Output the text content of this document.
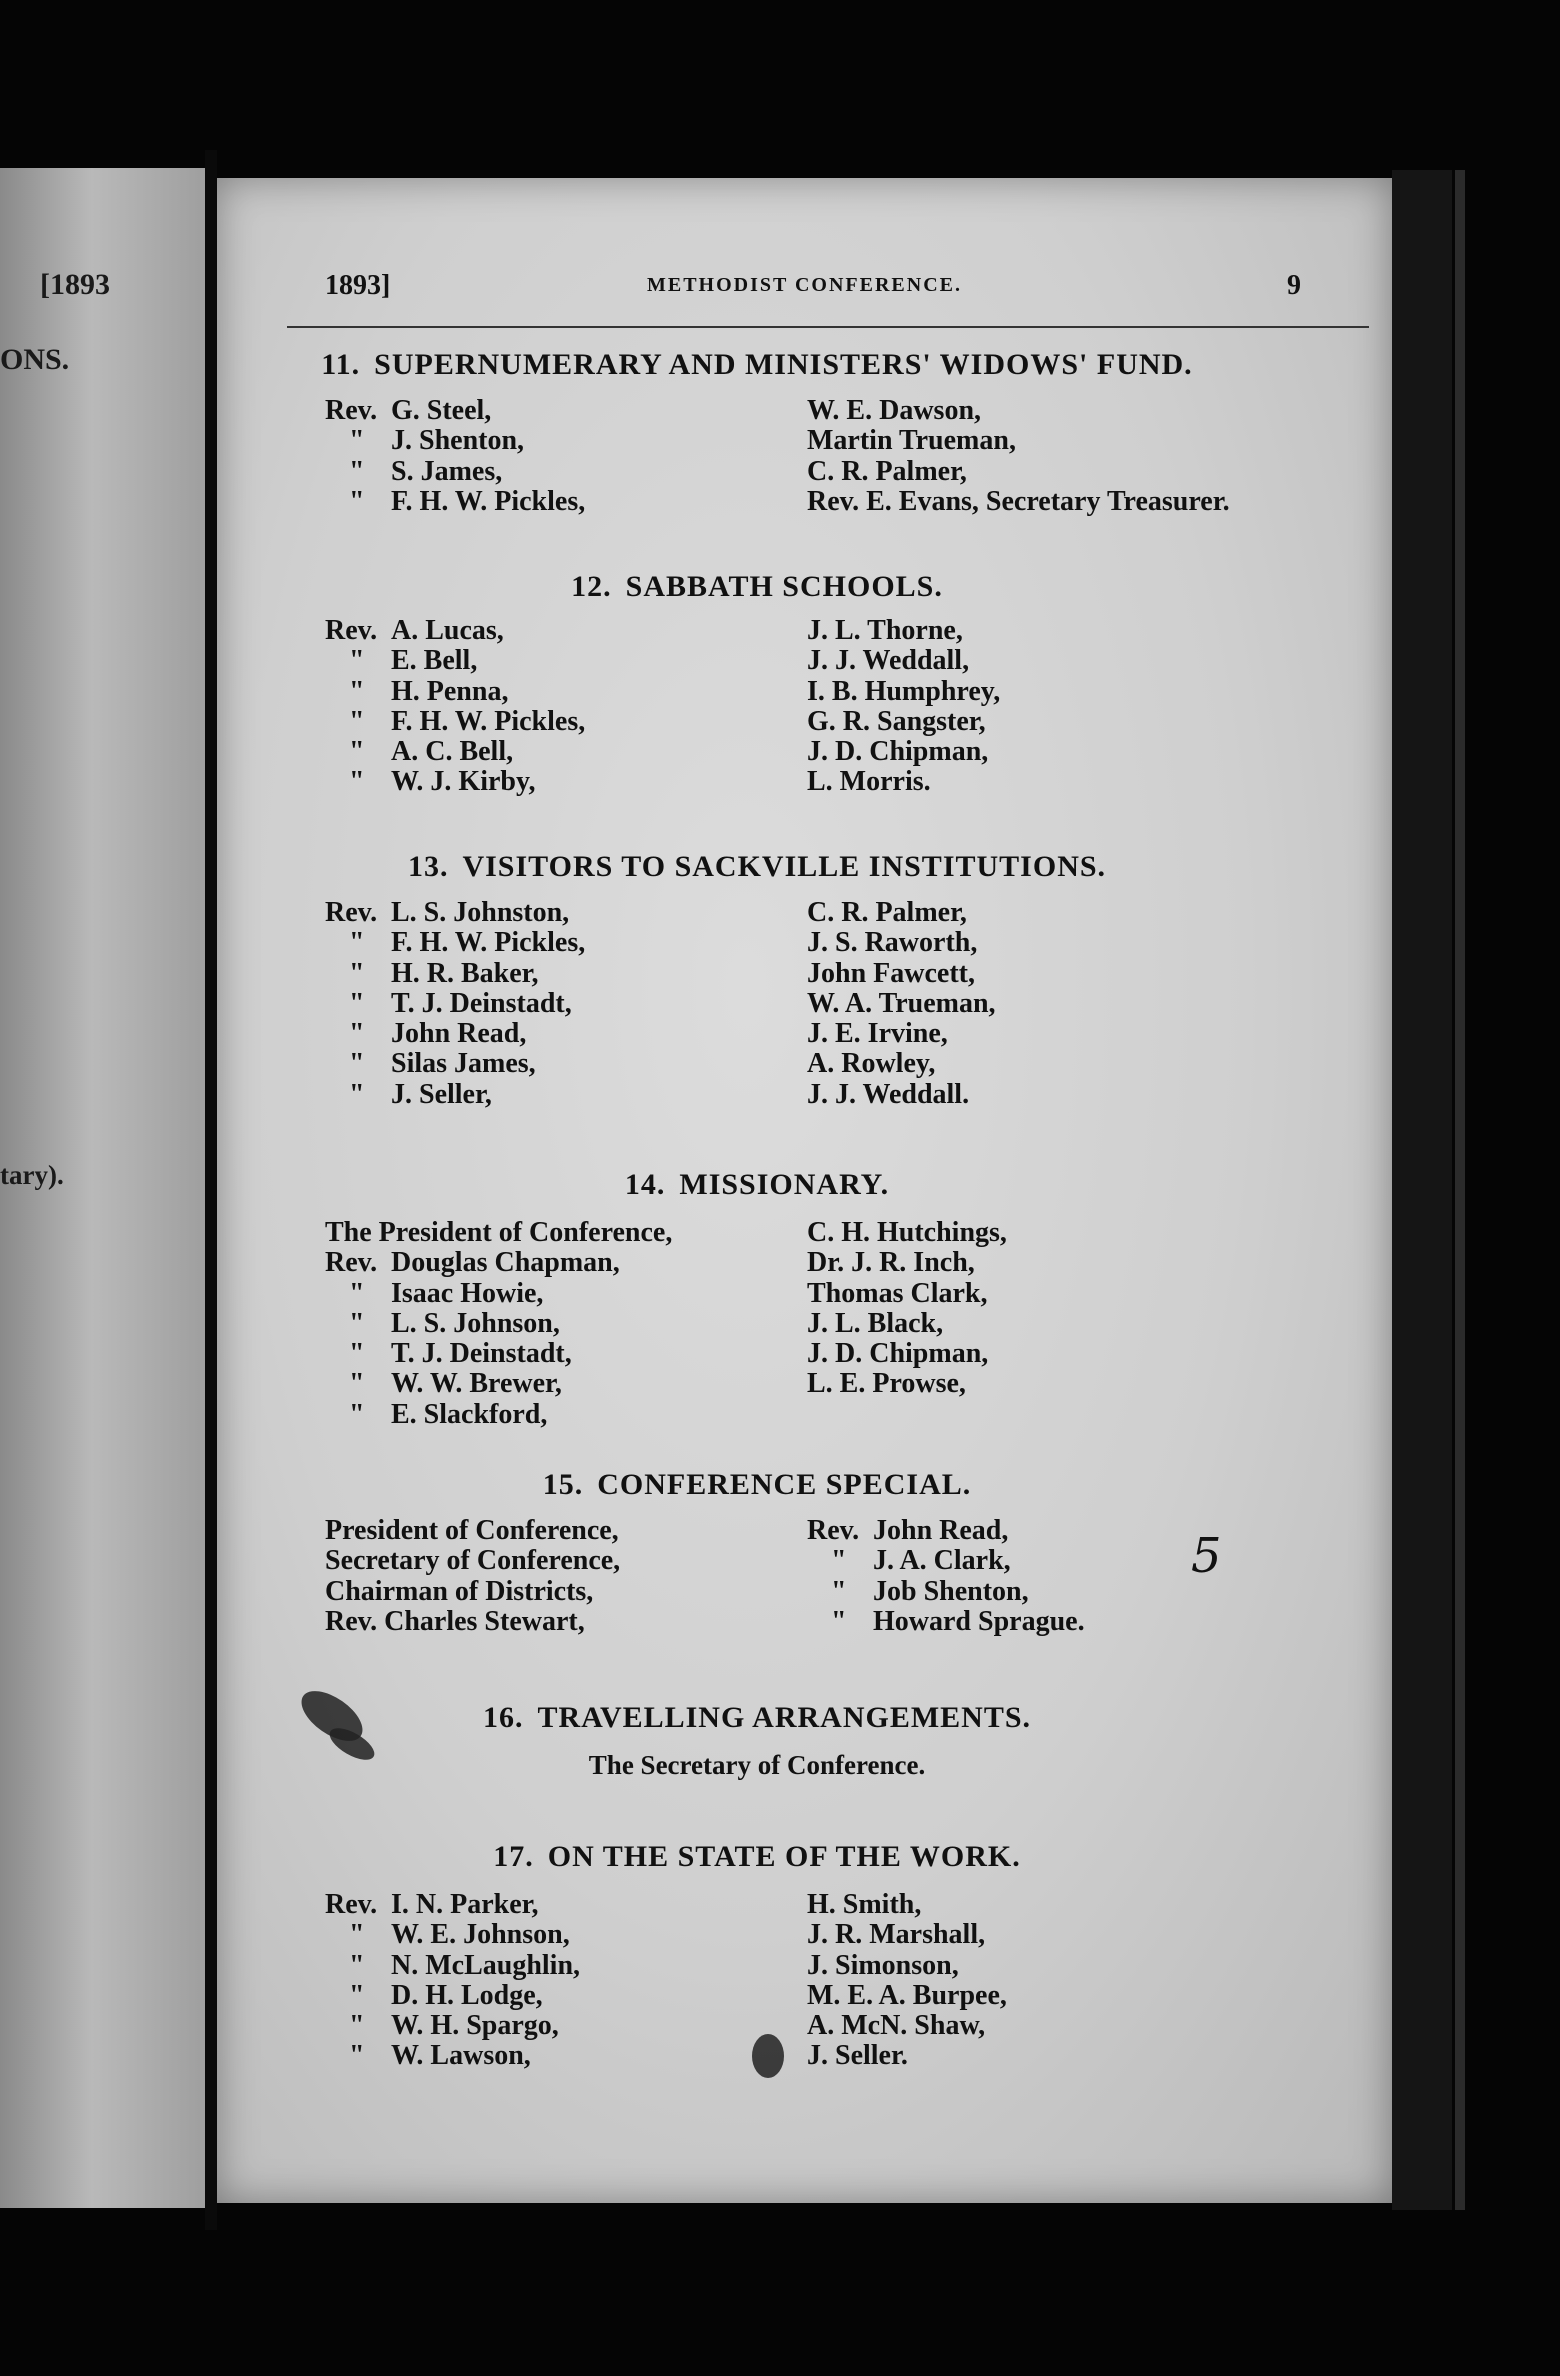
[1893
ONS.
tary).
1893]	METHODIST CONFERENCE.	9
11. SUPERNUMERARY AND MINISTERS' WIDOWS' FUND.
Rev. G. Steel,
" J. Shenton,
" S. James,
" F. H. W. Pickles,
W. E. Dawson,
Martin Trueman,
C. R. Palmer,
Rev. E. Evans, Secretary Treasurer.
12. SABBATH SCHOOLS.
Rev. A. Lucas,
" E. Bell,
" H. Penna,
" F. H. W. Pickles,
" A. C. Bell,
" W. J. Kirby,
J. L. Thorne,
J. J. Weddall,
I. B. Humphrey,
G. R. Sangster,
J. D. Chipman,
L. Morris.
13. VISITORS TO SACKVILLE INSTITUTIONS.
Rev. L. S. Johnston,
" F. H. W. Pickles,
" H. R. Baker,
" T. J. Deinstadt,
" John Read,
" Silas James,
" J. Seller,
C. R. Palmer,
J. S. Raworth,
John Fawcett,
W. A. Trueman,
J. E. Irvine,
A. Rowley,
J. J. Weddall.
14. MISSIONARY.
The President of Conference,
Rev. Douglas Chapman,
" Isaac Howie,
" L. S. Johnson,
" T. J. Deinstadt,
" W. W. Brewer,
" E. Slackford,
C. H. Hutchings,
Dr. J. R. Inch,
Thomas Clark,
J. L. Black,
J. D. Chipman,
L. E. Prowse,
15. CONFERENCE SPECIAL.
President of Conference,
Secretary of Conference,
Chairman of Districts,
Rev. Charles Stewart,
Rev. John Read,
" J. A. Clark,
" Job Shenton,
" Howard Sprague.
16. TRAVELLING ARRANGEMENTS.
The Secretary of Conference.
17. ON THE STATE OF THE WORK.
Rev. I. N. Parker,
" W. E. Johnson,
" N. McLaughlin,
" D. H. Lodge,
" W. H. Spargo,
" W. Lawson,
H. Smith,
J. R. Marshall,
J. Simonson,
M. E. A. Burpee,
A. McN. Shaw,
J. Seller.
5
